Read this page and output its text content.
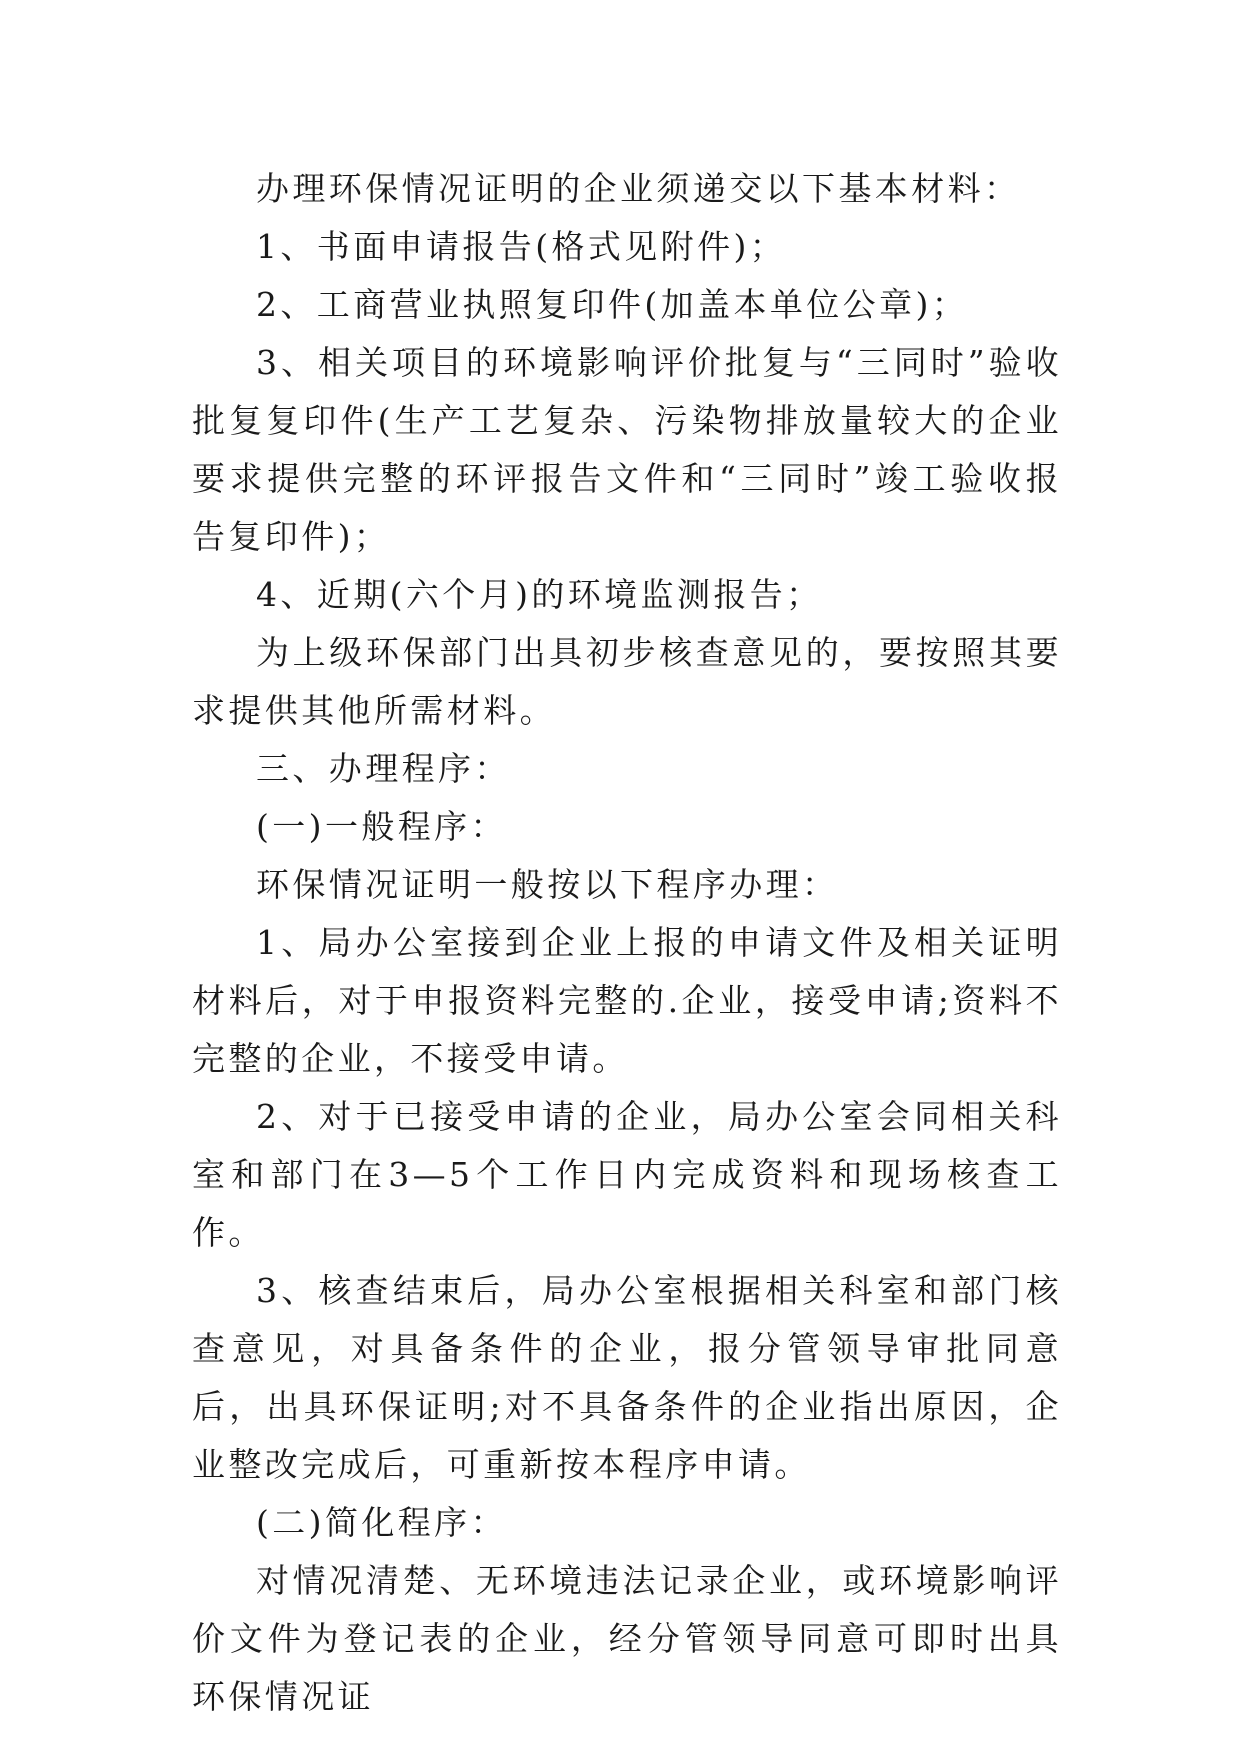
办理环保情况证明的企业须递交以下基本材料：

1、书面申请报告(格式见附件)；

2、工商营业执照复印件(加盖本单位公章)；

3、相关项目的环境影响评价批复与“三同时”验收批复复印件(生产工艺复杂、污染物排放量较大的企业要求提供完整的环评报告文件和“三同时”竣工验收报告复印件)；

4、近期(六个月)的环境监测报告；

为上级环保部门出具初步核查意见的，要按照其要求提供其他所需材料。

三、办理程序：

(一)一般程序：

环保情况证明一般按以下程序办理：

1、局办公室接到企业上报的申请文件及相关证明材料后，对于申报资料完整的.企业，接受申请;资料不完整的企业，不接受申请。

2、对于已接受申请的企业，局办公室会同相关科室和部门在3—5个工作日内完成资料和现场核查工作。

3、核查结束后，局办公室根据相关科室和部门核查意见，对具备条件的企业，报分管领导审批同意后，出具环保证明;对不具备条件的企业指出原因，企业整改完成后，可重新按本程序申请。

(二)简化程序：

对情况清楚、无环境违法记录企业，或环境影响评价文件为登记表的企业，经分管领导同意可即时出具环保情况证
